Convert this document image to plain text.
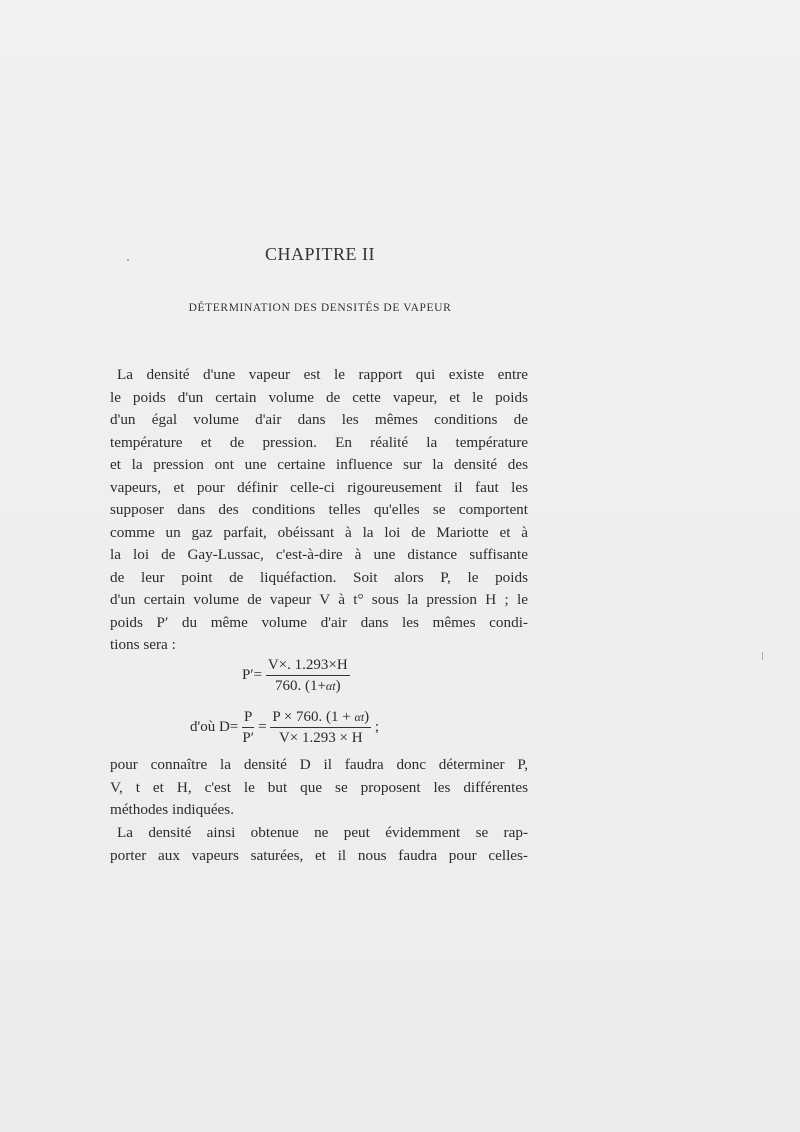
CHAPITRE II
DÉTERMINATION DES DENSITÉS DE VAPEUR
La densité d'une vapeur est le rapport qui existe entre
le poids d'un certain volume de cette vapeur, et le poids
d'un égal volume d'air dans les mêmes conditions de
température et de pression. En réalité la température
et la pression ont une certaine influence sur la densité des
vapeurs, et pour définir celle-ci rigoureusement il faut les
supposer dans des conditions telles qu'elles se comportent
comme un gaz parfait, obéissant à la loi de Mariotte et à
la loi de Gay-Lussac, c'est-à-dire à une distance suffisante
de leur point de liquéfaction. Soit alors P, le poids
d'un certain volume de vapeur V à t° sous la pression H ; le
poids P′ du même volume d'air dans les mêmes condi-
tions sera :
$P'= \frac{V\times. 1.293\times H}{760. (1+\alpha t)}$
d'où $D= \frac{P}{P'} = \frac{P \times 760. (1 + \alpha t)}{V\times 1.293 \times H}$ ;
pour connaître la densité D il faudra donc déterminer P,
V, t et H, c'est le but que se proposent les différentes
méthodes indiquées.
La densité ainsi obtenue ne peut évidemment se rap-
porter aux vapeurs saturées, et il nous faudra pour celles-
